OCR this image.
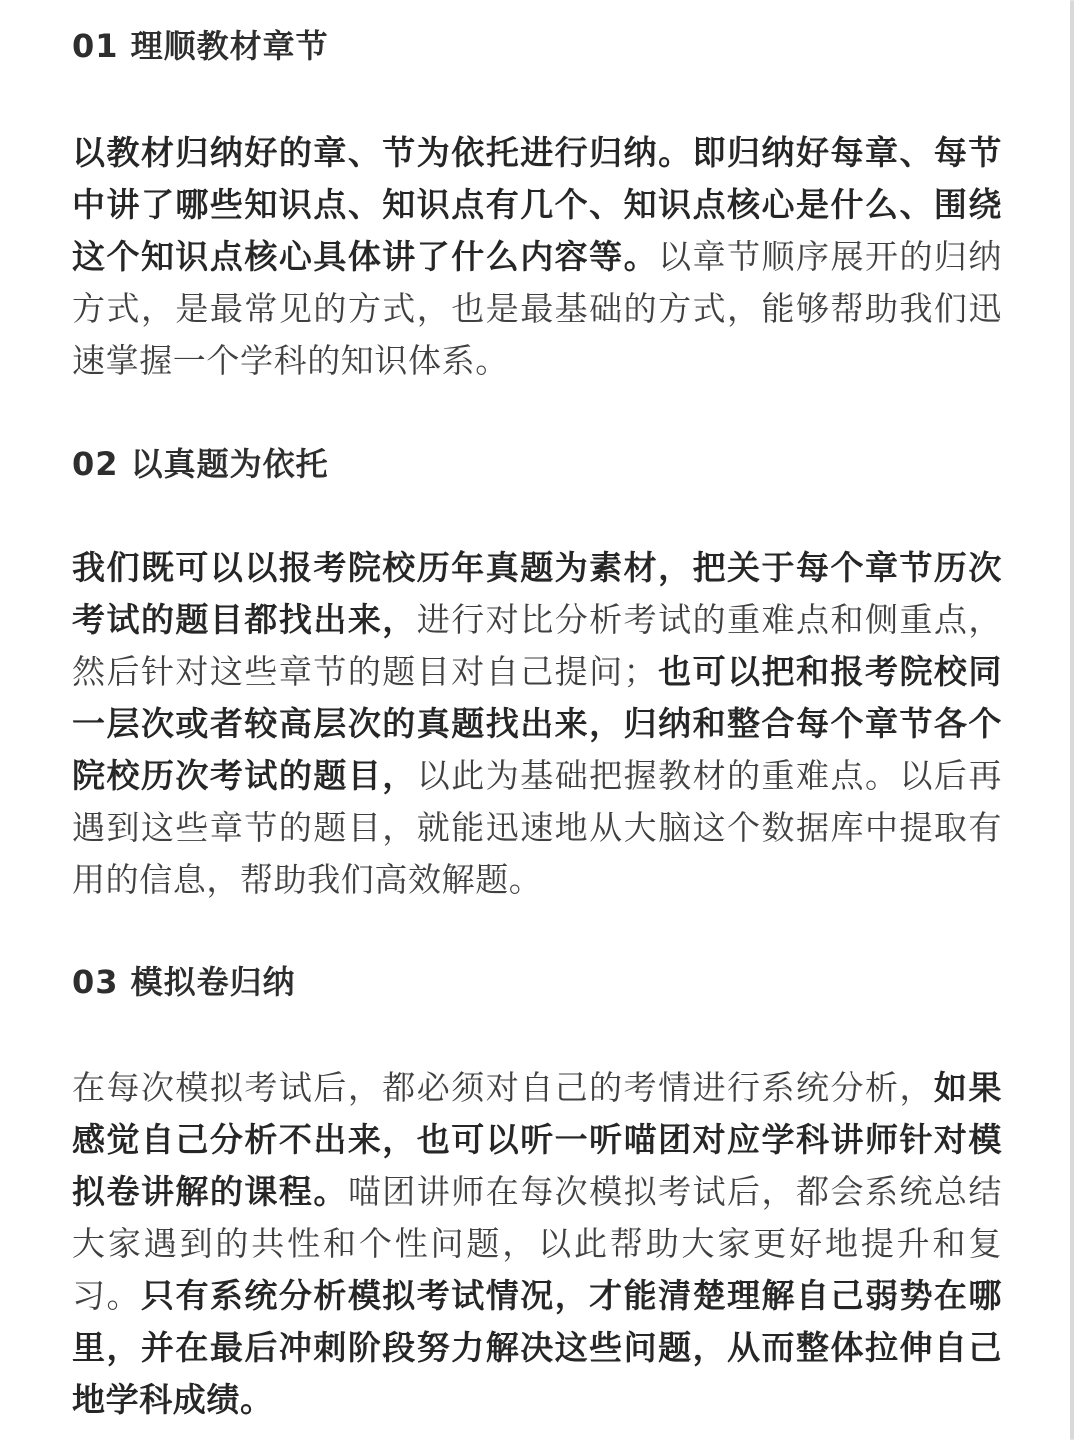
01 理顺教材章节

以教材归纳好的章、节为依托进行归纳。即归纳好每章、每节中讲了哪些知识点、知识点有几个、知识点核心是什么、围绕这个知识点核心具体讲了什么内容等。以章节顺序展开的归纳方式，是最常见的方式，也是最基础的方式，能够帮助我们迅速掌握一个学科的知识体系。

02 以真题为依托

我们既可以以报考院校历年真题为素材，把关于每个章节历次考试的题目都找出来，进行对比分析考试的重难点和侧重点，然后针对这些章节的题目对自己提问；也可以把和报考院校同一层次或者较高层次的真题找出来，归纳和整合每个章节各个院校历次考试的题目，以此为基础把握教材的重难点。以后再遇到这些章节的题目，就能迅速地从大脑这个数据库中提取有用的信息，帮助我们高效解题。

03 模拟卷归纳

在每次模拟考试后，都必须对自己的考情进行系统分析，如果感觉自己分析不出来，也可以听一听喵团对应学科讲师针对模拟卷讲解的课程。喵团讲师在每次模拟考试后，都会系统总结大家遇到的共性和个性问题，以此帮助大家更好地提升和复习。只有系统分析模拟考试情况，才能清楚理解自己弱势在哪里，并在最后冲刺阶段努力解决这些问题，从而整体拉伸自己地学科成绩。
